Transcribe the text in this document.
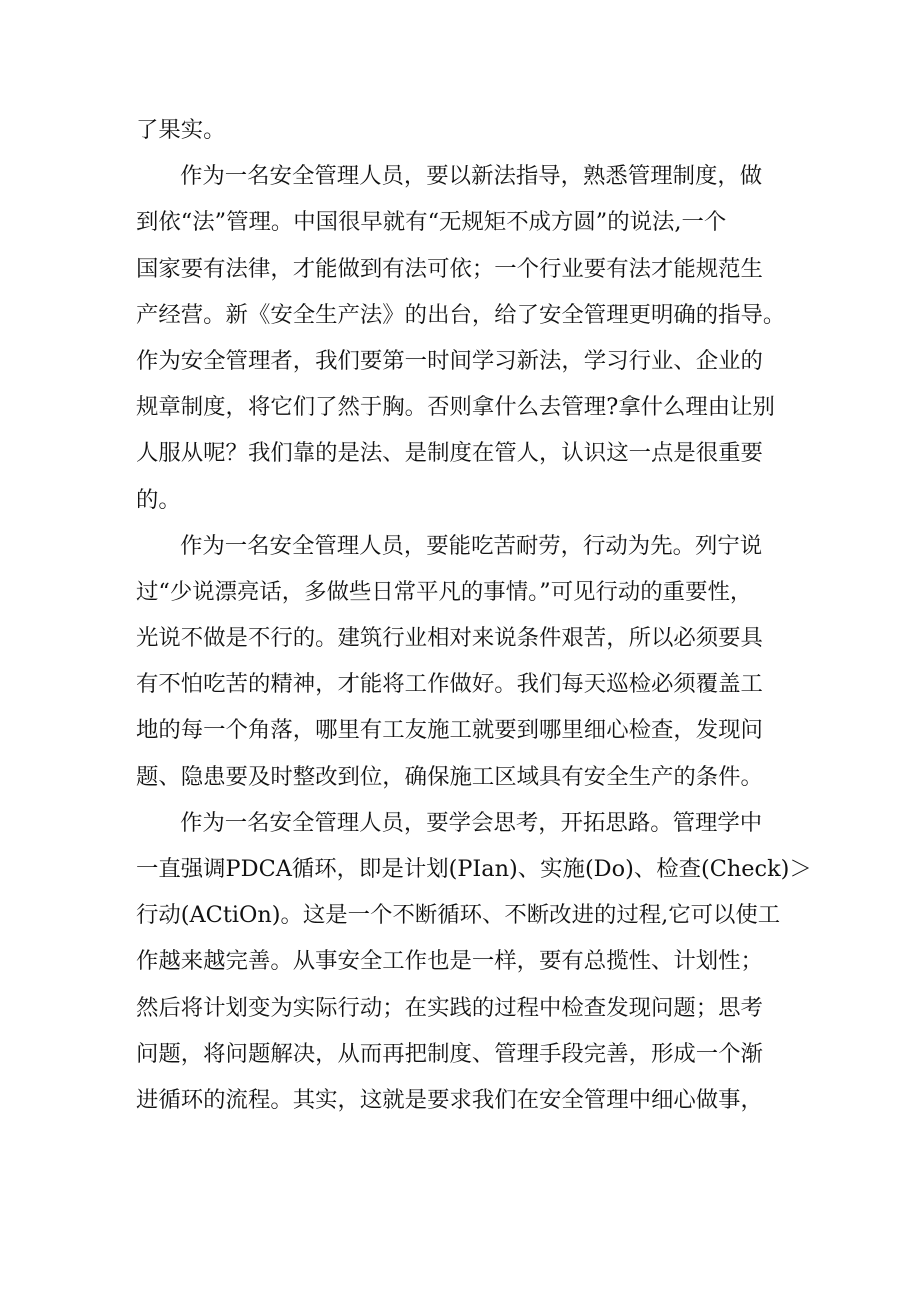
了果实。
作为一名安全管理人员，要以新法指导，熟悉管理制度，做
到依“法”管理。中国很早就有“无规矩不成方圆”的说法,一个
国家要有法律，才能做到有法可依；一个行业要有法才能规范生
产经营。新《安全生产法》的出台，给了安全管理更明确的指导。
作为安全管理者，我们要第一时间学习新法，学习行业、企业的
规章制度，将它们了然于胸。否则拿什么去管理?拿什么理由让别
人服从呢？我们靠的是法、是制度在管人，认识这一点是很重要
的。
作为一名安全管理人员，要能吃苦耐劳，行动为先。列宁说
过“少说漂亮话，多做些日常平凡的事情。”可见行动的重要性，
光说不做是不行的。建筑行业相对来说条件艰苦，所以必须要具
有不怕吃苦的精神，才能将工作做好。我们每天巡检必须覆盖工
地的每一个角落，哪里有工友施工就要到哪里细心检查，发现问
题、隐患要及时整改到位，确保施工区域具有安全生产的条件。
作为一名安全管理人员，要学会思考，开拓思路。管理学中
一直强调PDCA循环，即是计划(PIan)、实施(Do)、检查(Check)＞
行动(ACtiOn)。这是一个不断循环、不断改进的过程,它可以使工
作越来越完善。从事安全工作也是一样，要有总揽性、计划性；
然后将计划变为实际行动；在实践的过程中检查发现问题；思考
问题，将问题解决，从而再把制度、管理手段完善，形成一个渐
进循环的流程。其实，这就是要求我们在安全管理中细心做事，
